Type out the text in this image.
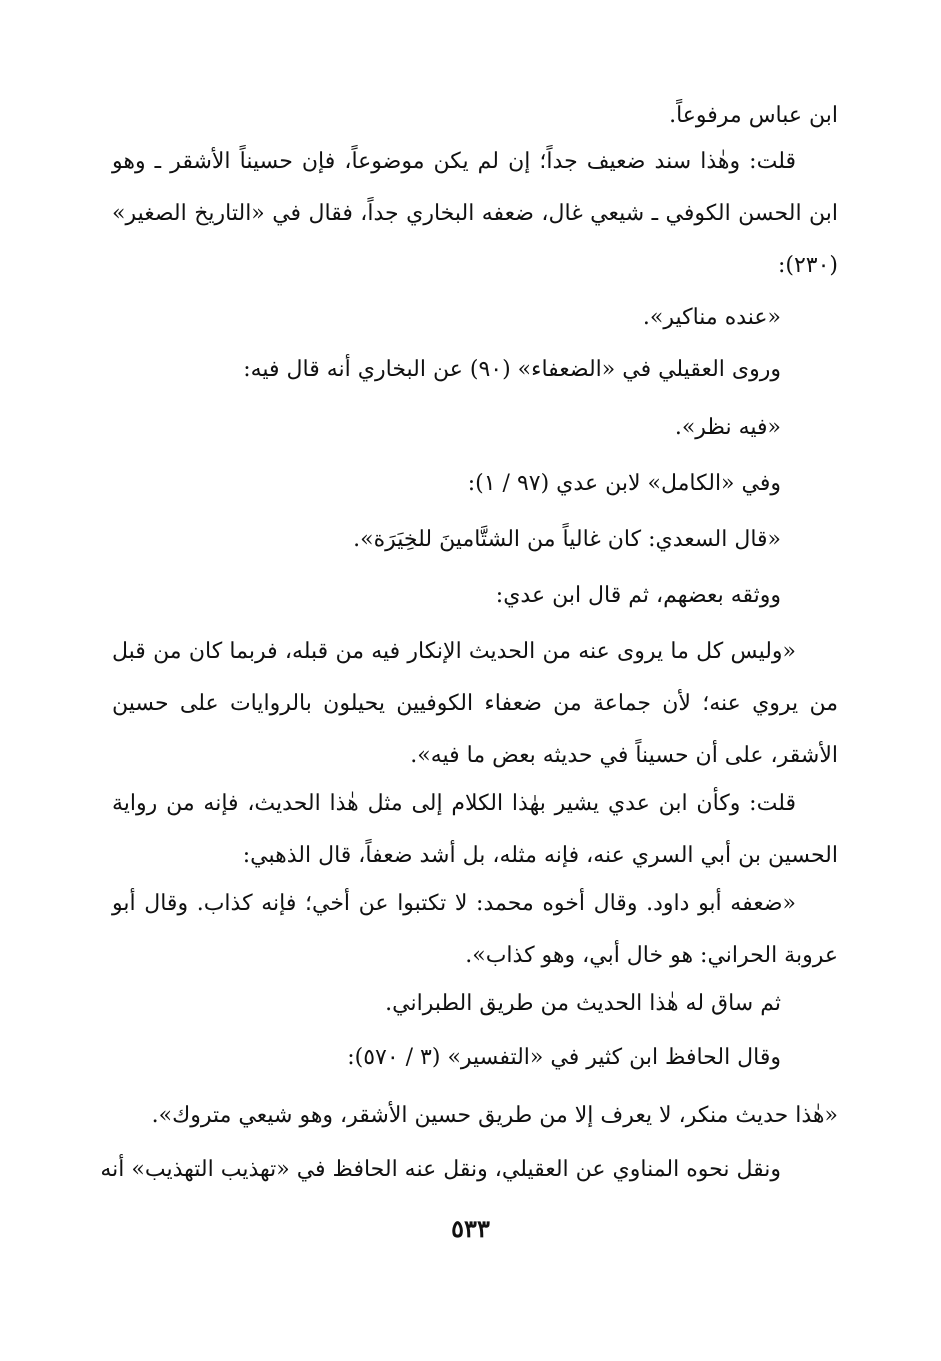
ابن عباس مرفوعاً.
قلت: وهٰذا سند ضعيف جداً؛ إن لم يكن موضوعاً، فإن حسيناً الأشقر ـ وهو ابن الحسن الكوفي ـ شيعي غال، ضعفه البخاري جداً، فقال في «التاريخ الصغير» (٢٣٠):
«عنده مناكير».
وروى العقيلي في «الضعفاء» (٩٠) عن البخاري أنه قال فيه:
«فيه نظر».
وفي «الكامل» لابن عدي (٩٧ / ١):
«قال السعدي: كان غالياً من الشتَّامينَ للخِيَرَة».
ووثقه بعضهم، ثم قال ابن عدي:
«وليس كل ما يروى عنه من الحديث الإنكار فيه من قبله، فربما كان من قبل من يروي عنه؛ لأن جماعة من ضعفاء الكوفيين يحيلون بالروايات على حسين الأشقر، على أن حسيناً في حديثه بعض ما فيه».
قلت: وكأن ابن عدي يشير بهٰذا الكلام إلى مثل هٰذا الحديث، فإنه من رواية الحسين بن أبي السري عنه، فإنه مثله، بل أشد ضعفاً، قال الذهبي:
«ضعفه أبو داود. وقال أخوه محمد: لا تكتبوا عن أخي؛ فإنه كذاب. وقال أبو عروبة الحراني: هو خال أبي، وهو كذاب».
ثم ساق له هٰذا الحديث من طريق الطبراني.
وقال الحافظ ابن كثير في «التفسير» (٣ / ٥٧٠):
«هٰذا حديث منكر، لا يعرف إلا من طريق حسين الأشقر، وهو شيعي متروك».
ونقل نحوه المناوي عن العقيلي، ونقل عنه الحافظ في «تهذيب التهذيب» أنه
٥٣٣
